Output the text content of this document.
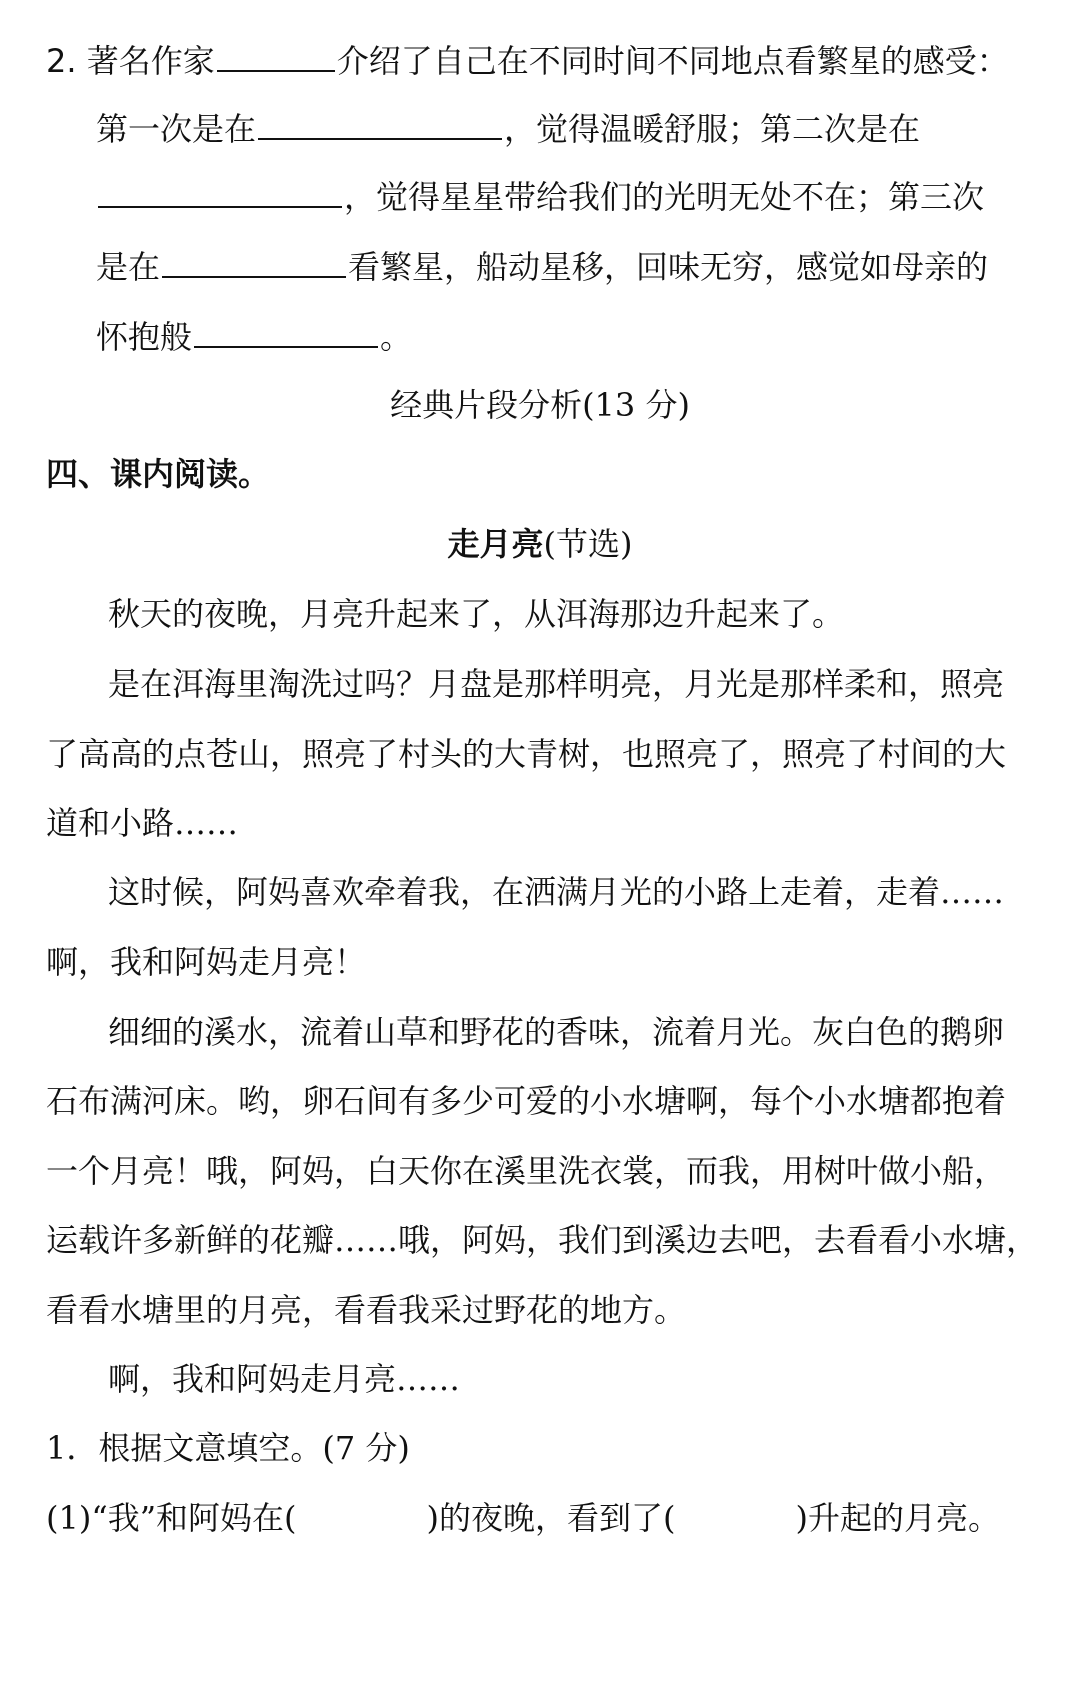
2. 著名作家	介绍了自己在不同时间不同地点看繁星的感受：
第一次是在	，觉得温暖舒服；第二次是在
，觉得星星带给我们的光明无处不在；第三次
是在	看繁星，船动星移，回味无穷，感觉如母亲的
怀抱般	。
经典片段分析(13 分)
四、课内阅读。
走月亮(节选)
秋天的夜晚，月亮升起来了，从洱海那边升起来了。
是在洱海里淘洗过吗？月盘是那样明亮，月光是那样柔和，照亮
了高高的点苍山，照亮了村头的大青树，也照亮了，照亮了村间的大
道和小路……
这时候，阿妈喜欢牵着我，在洒满月光的小路上走着，走着……
啊，我和阿妈走月亮！
细细的溪水，流着山草和野花的香味，流着月光。灰白色的鹅卵
石布满河床。哟，卵石间有多少可爱的小水塘啊，每个小水塘都抱着
一个月亮！哦，阿妈，白天你在溪里洗衣裳，而我，用树叶做小船，
运载许多新鲜的花瓣……哦，阿妈，我们到溪边去吧，去看看小水塘，
看看水塘里的月亮，看看我采过野花的地方。
啊，我和阿妈走月亮……
1．根据文意填空。(7 分)
(1)“我”和阿妈在(	)的夜晚，看到了(	)升起的月亮。
